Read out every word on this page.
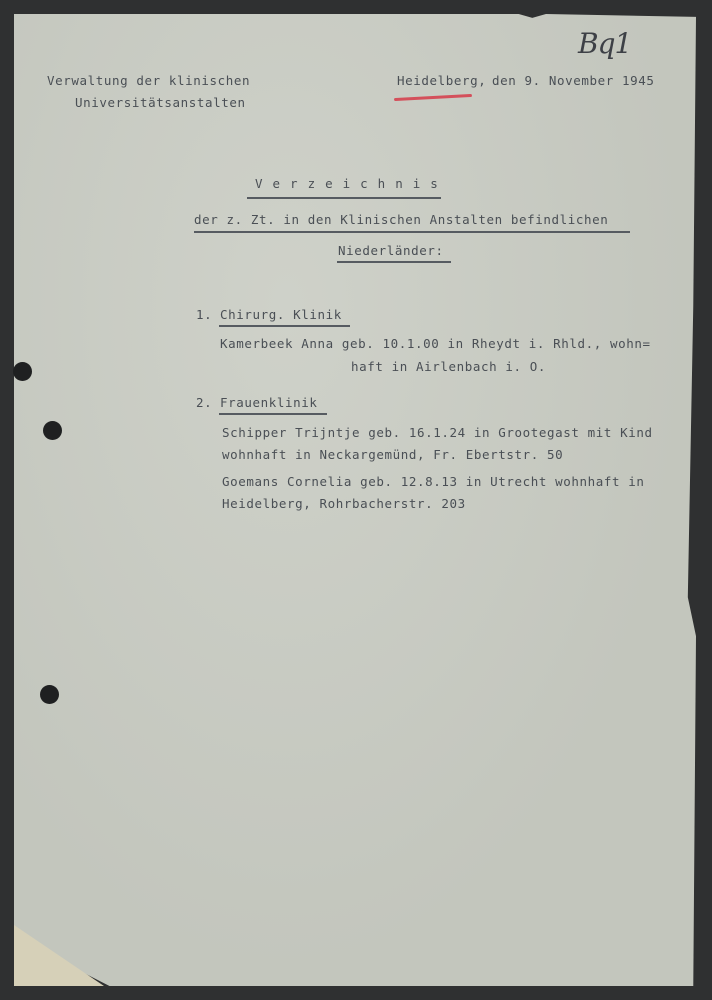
Verwaltung der klinischen
Universitätsanstalten
Heidelberg, den 9. November 1945
Bq1
Verzeichnis
der z. Zt. in den Klinischen Anstalten befindlichen
Niederländer:
1. Chirurg. Klinik
Kamerbeek Anna geb. 10.1.00 in Rheydt i. Rhld., wohn=
haft in Airlenbach i. O.
2. Frauenklinik
Schipper Trijntje geb. 16.1.24 in Grootegast mit Kind
wohnhaft in Neckargemünd, Fr. Ebertstr. 50
Goemans Cornelia geb. 12.8.13 in Utrecht wohnhaft in
Heidelberg, Rohrbacherstr. 203
